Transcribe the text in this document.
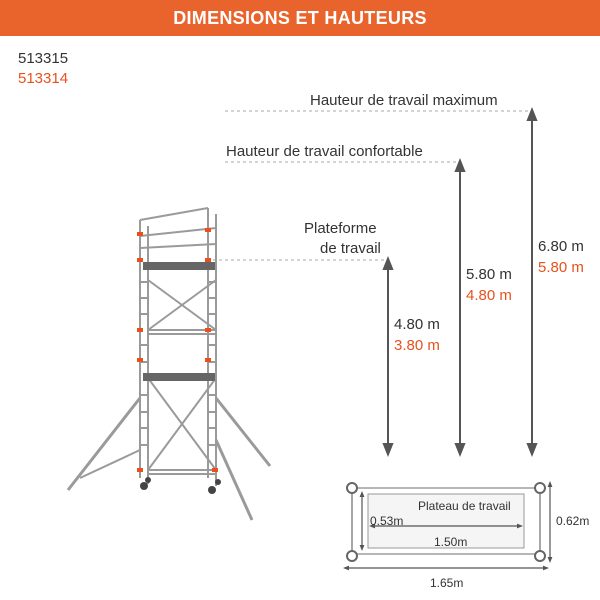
DIMENSIONS ET HAUTEURS
513315
513314
Hauteur de travail maximum
Hauteur de travail confortable
Plateforme
de travail	6.80 m
5.80 m
5.80 m
4.80 m
4.80 m
3.80 m
Plateau de travail
0.53m
1.50m
0.62m
1.65m
